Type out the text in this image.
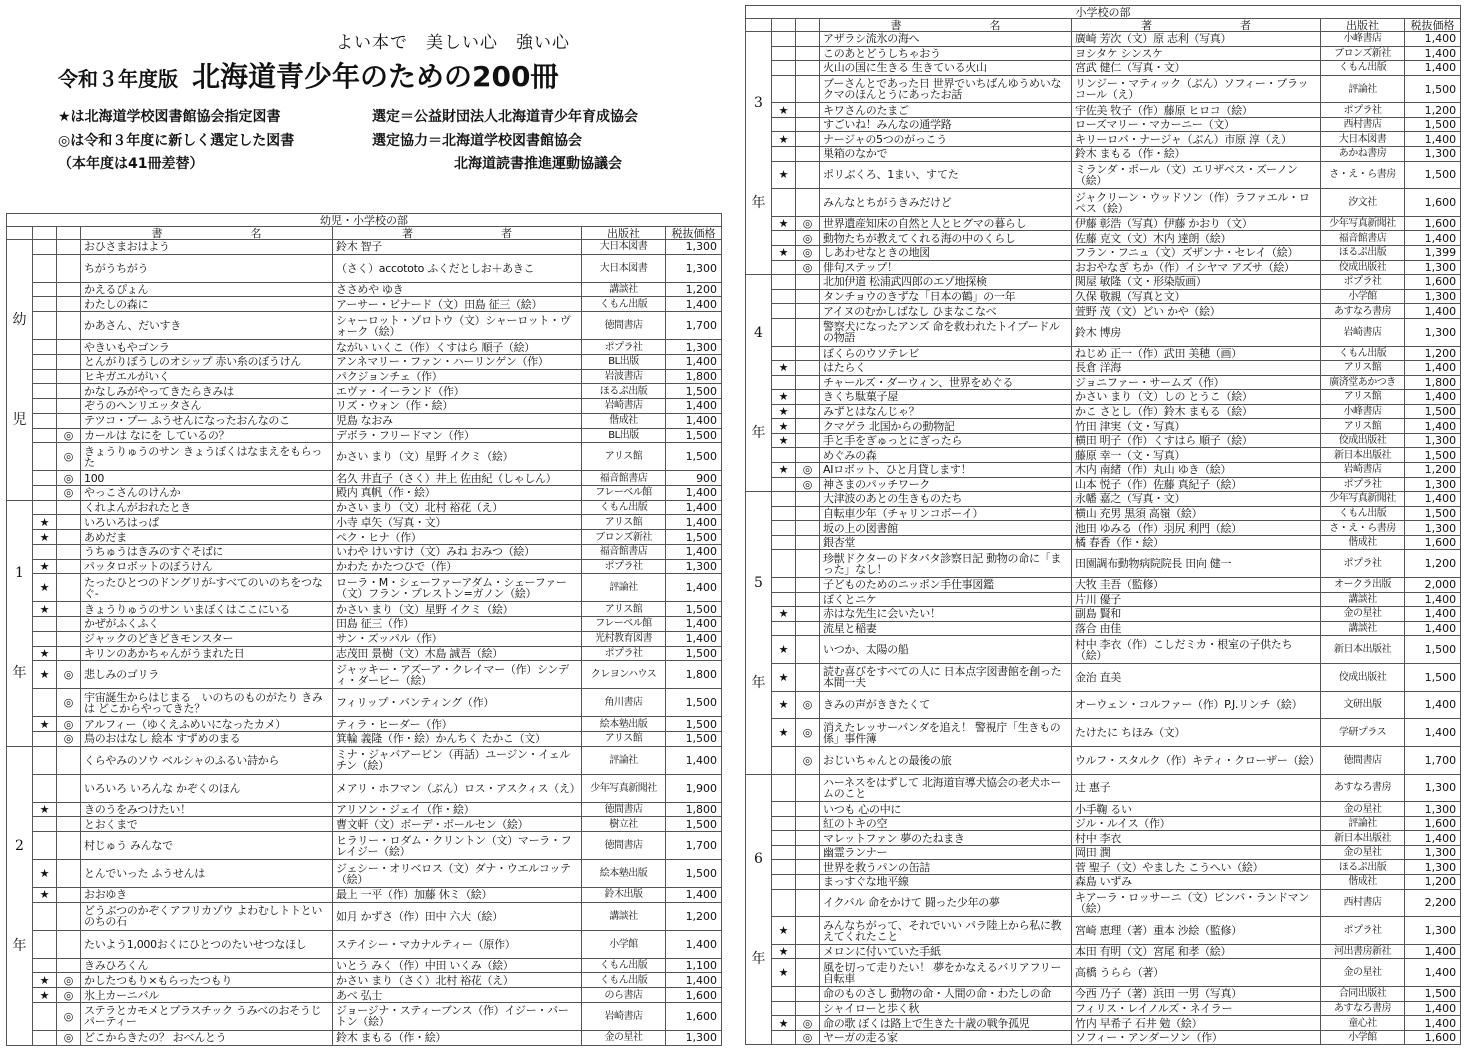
よい本で　美しい心　強い心
令和３年度版 北海道青少年のための200冊
★は北海道学校図書館協会指定図書
◎は令和３年度に新しく選定した図書
（本年度は41冊差替）
選定＝公益財団法人北海道青少年育成協会
選定協力＝北海道学校図書館協会
北海道読書推進運動協議会
幼児・小学校の部						
			書　　　　　　　　名	著　　　　　　　　者	出版社	税抜価格
幼

児			おひさまおはよう	鈴木 智子	大日本図書	1,300
			ちがうちがう	（さく）accototo ふくだとしお＋あきこ	大日本図書	1,300
			かえるぴょん	ささめや ゆき	講談社	1,200
			わたしの森に	アーサー・ビナード（文）田島 征三（絵）	くもん出版	1,400
			かあさん、だいすき	シャーロット・ゾロトウ（文）シャーロット・ヴォーク（絵）	徳間書店	1,700
			やきいもやゴンラ	ながい いくこ（作）くすはら 順子（絵）	ポプラ社	1,300
			とんがりぼうしのオシップ 赤い糸のぼうけん	アンネマリー・ファン・ハーリンゲン（作）	BL出版	1,400
			ヒキガエルがいく	パクジョンチェ（作）	岩波書店	1,800
			かなしみがやってきたらきみは	エヴァ・イーランド（作）	ほるぷ出版	1,500
			ぞうのヘンリエッタさん	リズ・ウォン（作・絵）	岩崎書店	1,400
			テツコ・プー ふうせんになったおんなのこ	児島 なおみ	偕成社	1,400
		◎	カールは なにを しているの？	デボラ・フリードマン（作）	BL出版	1,500
		◎	きょうりゅうのサン きょうぼくはなまえをもらった	かさい まり（文）星野 イクミ（絵）	アリス館	1,500
		◎	100	名久 井直子（さく）井上 佐由紀（しゃしん）	福音館書店	900
		◎	やっこさんのけんか	殿内 真帆（作・絵）	フレーベル館	1,400
1

年			くれよんがおれたとき	かさい まり（文）北村 裕花（え）	くもん出版	1,400
	★		いろいろはっぱ	小寺 卓矢（写真・文）	アリス館	1,400
	★		あめだま	ペク・ヒナ（作）	ブロンズ新社	1,500
			うちゅうはきみのすぐそばに	いわや けいすけ（文）みね おみつ（絵）	福音館書店	1,400
	★		パッタロボットのぼうけん	かわた かたつひで（作）	ポプラ社	1,300
	★		たったひとつのドングリが-すべてのいのちをつなぐ-	ローラ・M・シェーファーアダム・シェーファー（文）フラン・プレストン=ガノン（絵）	評論社	1,400
	★		きょうりゅうのサン いまぼくはここにいる	かさい まり（文）星野 イクミ（絵）	アリス館	1,500
			かぜがふくふく	田島 征三（作）	フレーベル館	1,400
			ジャックのどきどきモンスター	サン・ズッパル（作）	光村教育図書	1,400
	★		キリンのあかちゃんがうまれた日	志茂田 景樹（文）木島 誠吾（絵）	ポプラ社	1,500
	★	◎	悲しみのゴリラ	ジャッキー・アズーア・クレイマー（作）シンディ・ダービー（絵）	クレヨンハウス	1,800
		◎	宇宙誕生からはじまる　いのちのものがたり きみは どこからやってきた？	フィリップ・バンティング（作）	角川書店	1,500
	★	◎	アルフィー（ゆくえふめいになったカメ）	ティラ・ヒーダー（作）	絵本塾出版	1,500
		◎	鳥のおはなし 絵本 すずめのまる	箕輪 義隆（作・絵）かんちく たかこ（文）	アリス館	1,500
2

年			くらやみのソウ ベルシャのふるい詩から	ミナ・ジャバアービン（再話）ユージン・イェルチン（絵）	評論社	1,400
			いろいろ いろんな かぞくのほん	メアリ・ホフマン（ぶん）ロス・アスクィス（え）	少年写真新聞社	1,900
	★		きのうをみつけたい！	アリソン・ジェイ（作・絵）	徳間書店	1,800
			とおくまで	曹文軒（文）ボーデ・ボールセン（絵）	樹立社	1,500
			村じゅう みんなで	ヒラリー・ロダム・クリントン（文）マーラ・フレイジー（絵）	徳間書店	1,700
	★		とんでいった ふうせんは	ジェシー・オリベロス（文）ダナ・ウエルコッテ（絵）	絵本塾出版	1,500
	★		おおゆき	最上 一平（作）加藤 休ミ（絵）	鈴木出版	1,400
			どうぶつのかぞくアフリカゾウ よわむしトトといのちの石	如月 かずさ（作）田中 六大（絵）	講談社	1,200
			たいよう1,000おくにひとつのたいせつなほし	ステイシー・マカナルティー（原作）	小学館	1,400
			きみひろくん	いとう みく（作）中田 いくみ（絵）	くもん出版	1,100
	★	◎	かしたつもり×もらったつもり	かさい まり（さく）北村 裕花（え）	くもん出版	1,400
	★	◎	氷上カーニバル	あべ 弘士	のら書店	1,600
		◎	ステラとカモメとプラスチック うみべのおそうじパーティー	ジョージナ・スティーブンス（作）イジー・バートン（絵）	岩崎書店	1,600
		◎	どこからきたの？ おべんとう	鈴木 まもる（作・絵）	金の星社	1,300
小学校の部						
			書　　　　　　　　名	著　　　　　　　　者	出版社	税抜価格
3

年			アザラシ流氷の海へ	廣崎 芳次（文）原 志利（写真）	小峰書店	1,400
			このあとどうしちゃおう	ヨシタケ シンスケ	ブロンズ新社	1,400
			火山の国に生きる 生きている火山	宮武 健仁（写真・文）	くもん出版	1,400
			ブーさんとであった日 世界でいちばんゆうめいなクマのほんとうにあったお話	リンジー・マティック（ぶん）ソフィー・ブラッコール（え）	評論社	1,500
	★		キワさんのたまご	宇佐美 牧子（作）藤原 ヒロコ（絵）	ポプラ社	1,200
			すごいね！みんなの通学路	ローズマリー・マカーニー（文）	西村書店	1,500
	★		ナージャの5つのがっこう	キリーロバ・ナージャ（ぶん）市原 淳（え）	大日本図書	1,400
			巣箱のなかで	鈴木 まもる（作・絵）	あかね書房	1,300
	★		ポリぶくろ、1まい、すてた	ミランダ・ポール（文）エリザベス・ズーノン（絵）	さ・え・ら書房	1,500
			みんなとちがうきみだけど	ジャクリーン・ウッドソン（作）ラファエル・ロペス（絵）	汐文社	1,600
	★	◎	世界遺産知床の自然と人とヒグマの暮らし	伊藤 彰浩（写真）伊藤 かおり（文）	少年写真新聞社	1,600
		◎	動物たちが教えてくれる海の中のくらし	佐藤 克文（文）木内 達朗（絵）	福音館書店	1,400
	★	◎	しあわせなときの地図	フラン・フニュ（文）ズザンナ・セレイ（絵）	ほるぷ出版	1,399
		◎	俳句ステップ！	おおやなぎ ちか（作）イシヤマ アズサ（絵）	佼成出版社	1,300
4

年			北加伊道 松浦武四郎のエゾ地探検	関屋 敏隆（文・形染版画）	ポプラ社	1,600
			タンチョウのきずな「日本の鶴」の一年	久保 敬親（写真と文）	小学館	1,300
			アイヌのむかしばなし ひまなこなべ	萱野 茂（文）どい かや（絵）	あすなろ書房	1,400
			警察犬になったアンズ 命を救われたトイプードルの物語	鈴木 博房	岩崎書店	1,300
			ぼくらのウソテレビ	ねじめ 正一（作）武田 美穂（画）	くもん出版	1,200
	★		はたらく	長倉 洋海	アリス館	1,400
			チャールズ・ダーウィン、世界をめぐる	ジョニファー・サームズ（作）	廣済堂あかつき	1,800
	★		きくち駄菓子屋	かさい まり（文）しの とうこ（絵）	アリス館	1,400
	★		みずとはなんじゃ？	かこ さとし（作）鈴木 まもる（絵）	小峰書店	1,500
	★		クマゲラ 北国からの動物記	竹田 津実（文・写真）	アリス館	1,400
	★		手と手をぎゅっとにぎったら	横田 明子（作）くすはら 順子（絵）	佼成出版社	1,300
			めぐみの森	藤原 幸一（文・写真）	新日本出版社	1,500
	★	◎	AIロボット、ひと月貸します！	木内 南緒（作）丸山 ゆき（絵）	岩崎書店	1,200
		◎	神さまのパッチワーク	山本 悦子（作）佐藤 真紀子（絵）	ポプラ社	1,300
5

年			大津波のあとの生きものたち	永幡 嘉之（写真・文）	少年写真新聞社	1,400
			自転車少年（チャリンコボーイ）	横山 充男 黒須 高嶺（絵）	くもん出版	1,500
			坂の上の図書館	池田 ゆみる（作）羽尻 利門（絵）	さ・え・ら書房	1,300
			銀杏堂	橘 春香（作・絵）	偕成社	1,600
			珍獣ドクターのドタバタ診察日記 動物の命に「まった」なし！	田園調布動物病院院長 田向 健一	ポプラ社	1,200
			子どものためのニッポン手仕事図鑑	大牧 圭吾（監修）	オークラ出版	2,000
			ぼくとニケ	片川 優子	講談社	1,400
	★		赤はな先生に会いたい！	副島 賢和	金の星社	1,400
			流星と稲妻	落合 由佳	講談社	1,400
	★		いつか、太陽の船	村中 李衣（作）こしだミカ・根室の子供たち（絵）	新日本出版社	1,500
	★		読む喜びをすべての人に 日本点字図書館を創った本間一夫	金治 直美	佼成出版社	1,500
	★	◎	きみの声がききたくて	オーウェン・コルファー（作）P.J.リンチ（絵）	文研出版	1,400
	★	◎	消えたレッサーパンダを追え！ 警視庁「生きもの係」事件簿	たけたに ちほみ（文）	学研プラス	1,400
		◎	おじいちゃんとの最後の旅	ウルフ・スタルク（作）キティ・クローザー（絵）	徳間書店	1,700
6

年			ハーネスをはずして 北海道盲導犬協会の老犬ホームのこと	辻 惠子	あすなろ書房	1,300
			いつも 心の中に	小手鞠 るい	金の星社	1,300
			紅のトキの空	ジル・ルイス（作）	評論社	1,600
			マレットファン 夢のたねまき	村中 李衣	新日本出版社	1,400
			幽霊ランナー	岡田 潤	金の星社	1,300
			世界を救うパンの缶詰	菅 聖子（文）やました こうへい（絵）	ほるぷ出版	1,300
			まっすぐな地平線	森島 いずみ	偕成社	1,200
			イクバル 命をかけて 闘った少年の夢	キアーラ・ロッサーニ（文）ビンバ・ランドマン（絵）	西村書店	2,200
	★		みんなちがって、それでいい パラ陸上から私に教えてくれたこと	宮崎 恵理（著）重本 沙絵（監修）	ポプラ社	1,300
	★		メロンに付いていた手紙	本田 有明（文）宮尾 和孝（絵）	河出書房新社	1,400
	★		風を切って走りたい！ 夢をかなえるバリアフリー自転車	高橋 うらら（著）	金の星社	1,400
			命のものさし 動物の命・人間の命・わたしの命	今西 乃子（著）浜田 一男（写真）	合同出版社	1,500
			シャイローと歩く秋	フィリス・レイノルズ・ネイラー	あすなろ書房	1,400
	★	◎	命の歌 ぼくは路上で生きた十歳の戦争孤児	竹内 早希子 石井 勉（絵）	童心社	1,400
		◎	ヤーガの走る家	ソフィー・アンダーソン（作）	小学館	1,600
